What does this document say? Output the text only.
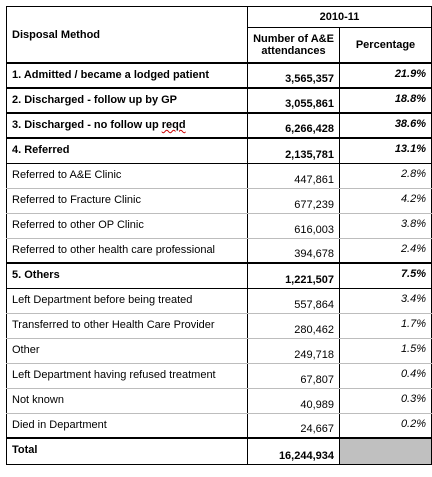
Disposal Method	2010-11	
	Number of A&E attendances	Percentage
1. Admitted / became a lodged patient	3,565,357	21.9%
2. Discharged - follow up by GP	3,055,861	18.8%
3. Discharged - no follow up reqd	6,266,428	38.6%
4. Referred	2,135,781	13.1%
Referred to A&E Clinic	447,861	2.8%
Referred to Fracture Clinic	677,239	4.2%
Referred to other OP Clinic	616,003	3.8%
Referred to other health care professional	394,678	2.4%
5. Others	1,221,507	7.5%
Left Department before being treated	557,864	3.4%
Transferred to other Health Care Provider	280,462	1.7%
Other	249,718	1.5%
Left Department having refused treatment	67,807	0.4%
Not known	40,989	0.3%
Died in Department	24,667	0.2%
Total	16,244,934	
